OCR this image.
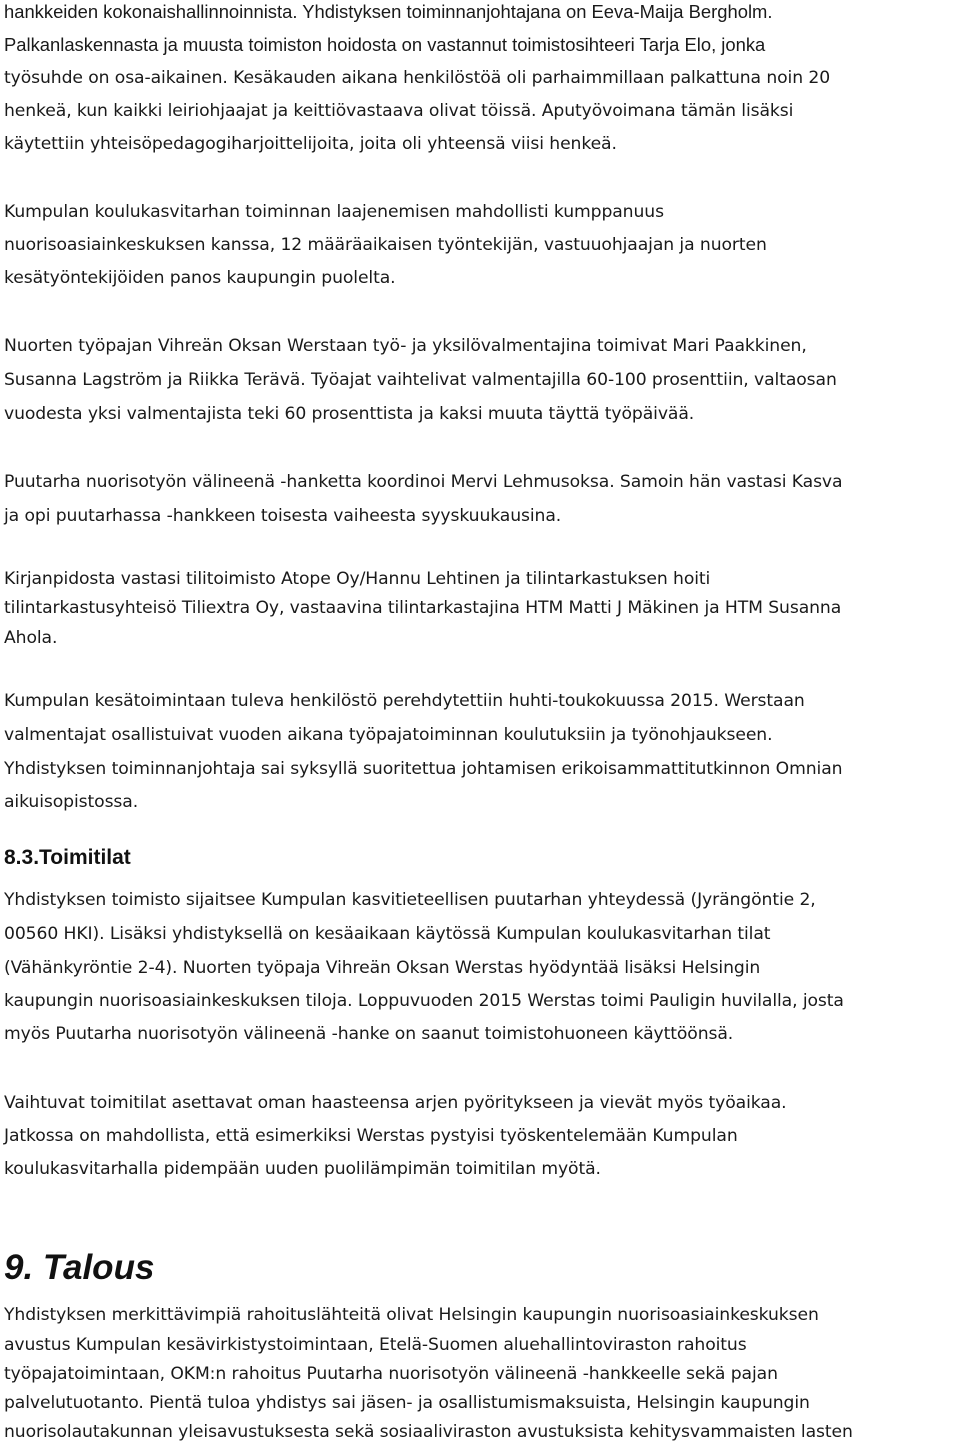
hankkeiden kokonaishallinnoinnista. Yhdistyksen toiminnanjohtajana on Eeva-Maija Bergholm.
Palkanlaskennasta ja muusta toimiston hoidosta on vastannut toimistosihteeri Tarja Elo, jonka
työsuhde on osa-aikainen. Kesäkauden aikana henkilöstöä oli parhaimmillaan palkattuna noin 20
henkeä, kun kaikki leiriohjaajat ja keittiövastaava olivat töissä. Aputyövoimana tämän lisäksi
käytettiin yhteisöpedagogiharjoittelijoita, joita oli yhteensä viisi henkeä.
Kumpulan koulukasvitarhan toiminnan laajenemisen mahdollisti kumppanuus
nuorisoasiainkeskuksen kanssa, 12 määräaikaisen työntekijän, vastuuohjaajan ja nuorten
kesätyöntekijöiden panos kaupungin puolelta.
Nuorten työpajan Vihreän Oksan Werstaan työ- ja yksilövalmentajina toimivat Mari Paakkinen,
Susanna Lagström ja Riikka Terävä. Työajat vaihtelivat valmentajilla 60-100 prosenttiin, valtaosan
vuodesta yksi valmentajista teki 60 prosenttista ja kaksi muuta täyttä työpäivää.
Puutarha nuorisotyön välineenä -hanketta koordinoi Mervi Lehmusoksa. Samoin hän vastasi Kasva
ja opi puutarhassa -hankkeen toisesta vaiheesta syyskuukausina.
Kirjanpidosta vastasi tilitoimisto Atope Oy/Hannu Lehtinen ja tilintarkastuksen hoiti
tilintarkastusyhteisö Tiliextra Oy, vastaavina tilintarkastajina HTM Matti J Mäkinen ja HTM Susanna
Ahola.
Kumpulan kesätoimintaan tuleva henkilöstö perehdytettiin huhti-toukokuussa 2015. Werstaan
valmentajat osallistuivat vuoden aikana työpajatoiminnan koulutuksiin ja työnohjaukseen.
Yhdistyksen toiminnanjohtaja sai syksyllä suoritettua johtamisen erikoisammattitutkinnon Omnian
aikuisopistossa.
8.3.Toimitilat
Yhdistyksen toimisto sijaitsee Kumpulan kasvitieteellisen puutarhan yhteydessä (Jyrängöntie 2,
00560 HKI). Lisäksi yhdistyksellä on kesäaikaan käytössä Kumpulan koulukasvitarhan tilat
(Vähänkyröntie 2-4). Nuorten työpaja Vihreän Oksan Werstas hyödyntää lisäksi Helsingin
kaupungin nuorisoasiainkeskuksen tiloja. Loppuvuoden 2015 Werstas toimi Pauligin huvilalla, josta
myös Puutarha nuorisotyön välineenä -hanke on saanut toimistohuoneen käyttöönsä.
Vaihtuvat toimitilat asettavat oman haasteensa arjen pyöritykseen ja vievät myös työaikaa.
Jatkossa on mahdollista, että esimerkiksi Werstas pystyisi työskentelemään Kumpulan
koulukasvitarhalla pidempään uuden puolilämpimän toimitilan myötä.
9. Talous
Yhdistyksen merkittävimpiä rahoituslähteitä olivat Helsingin kaupungin nuorisoasiainkeskuksen
avustus Kumpulan kesävirkistystoimintaan, Etelä-Suomen aluehallintoviraston rahoitus
työpajatoimintaan, OKM:n rahoitus Puutarha nuorisotyön välineenä -hankkeelle sekä pajan
palvelutuotanto. Pientä tuloa yhdistys sai jäsen- ja osallistumismaksuista, Helsingin kaupungin
nuorisolautakunnan yleisavustuksesta sekä sosiaaliviraston avustuksista kehitysvammaisten lasten
